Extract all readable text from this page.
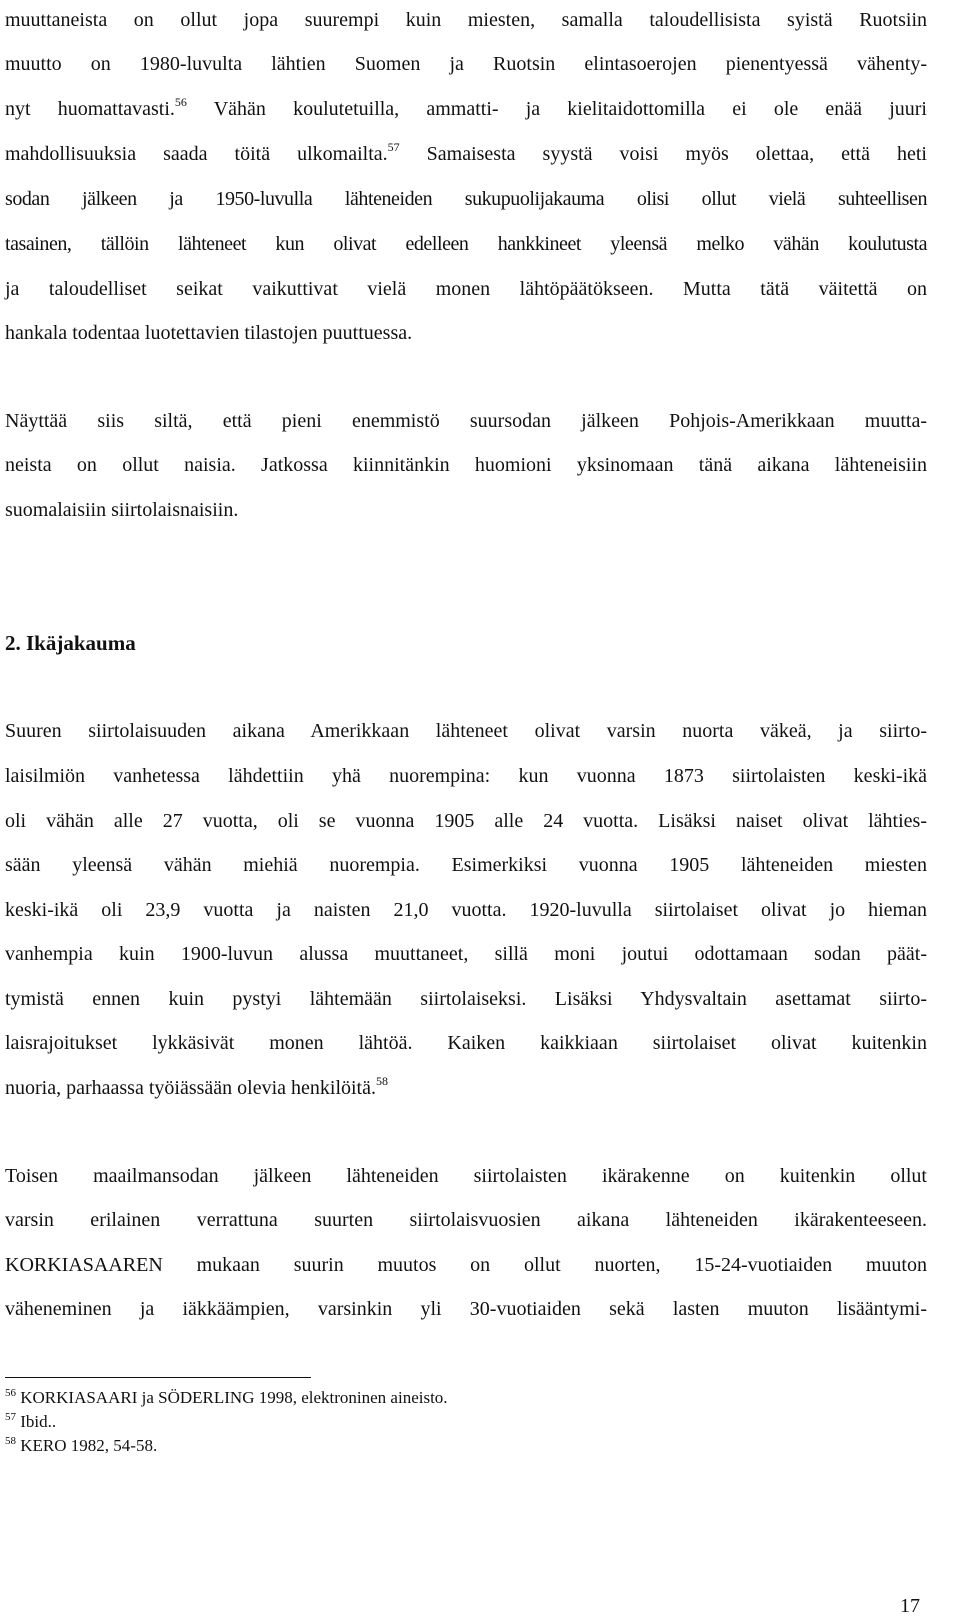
muuttaneista on ollut jopa suurempi kuin miesten, samalla taloudellisista syistä Ruotsiin
muutto on 1980-luvulta lähtien Suomen ja Ruotsin elintasoerojen pienentyessä vähenty-
nyt huomattavasti.$^{56}$ Vähän koulutetuilla, ammatti- ja kielitaidottomilla ei ole enää juuri
mahdollisuuksia saada töitä ulkomailta.$^{57}$ Samaisesta syystä voisi myös olettaa, että heti
sodan jälkeen ja 1950-luvulla lähteneiden sukupuolijakauma olisi ollut vielä suhteellisen
tasainen, tällöin lähteneet kun olivat edelleen hankkineet yleensä melko vähän koulutusta
ja taloudelliset seikat vaikuttivat vielä monen lähtöpäätökseen. Mutta tätä väitettä on
hankala todentaa luotettavien tilastojen puuttuessa.
Näyttää siis siltä, että pieni enemmistö suursodan jälkeen Pohjois-Amerikkaan muutta-
neista on ollut naisia. Jatkossa kiinnitänkin huomioni yksinomaan tänä aikana lähteneisiin
suomalaisiin siirtolaisnaisiin.
2. Ikäjakauma
Suuren siirtolaisuuden aikana Amerikkaan lähteneet olivat varsin nuorta väkeä, ja siirto-
laisilmiön vanhetessa lähdettiin yhä nuorempina: kun vuonna 1873 siirtolaisten keski-ikä
oli vähän alle 27 vuotta, oli se vuonna 1905 alle 24 vuotta. Lisäksi naiset olivat lähties-
sään yleensä vähän miehiä nuorempia. Esimerkiksi vuonna 1905 lähteneiden miesten
keski-ikä oli 23,9 vuotta ja naisten 21,0 vuotta. 1920-luvulla siirtolaiset olivat jo hieman
vanhempia kuin 1900-luvun alussa muuttaneet, sillä moni joutui odottamaan sodan päät-
tymistä ennen kuin pystyi lähtemään siirtolaiseksi. Lisäksi Yhdysvaltain asettamat siirto-
laisrajoitukset lykkäsivät monen lähtöä. Kaiken kaikkiaan siirtolaiset olivat kuitenkin
nuoria, parhaassa työiässään olevia henkilöitä.$^{58}$
Toisen maailmansodan jälkeen lähteneiden siirtolaisten ikärakenne on kuitenkin ollut
varsin erilainen verrattuna suurten siirtolaisvuosien aikana lähteneiden ikärakenteeseen.
KORKIASAAREN mukaan suurin muutos on ollut nuorten, 15-24-vuotiaiden muuton
väheneminen ja iäkkäämpien, varsinkin yli 30-vuotiaiden sekä lasten muuton lisääntymi-
$^{56}$ KORKIASAARI ja SÖDERLING 1998, elektroninen aineisto.
$^{57}$ Ibid..
$^{58}$ KERO 1982, 54-58.
17
